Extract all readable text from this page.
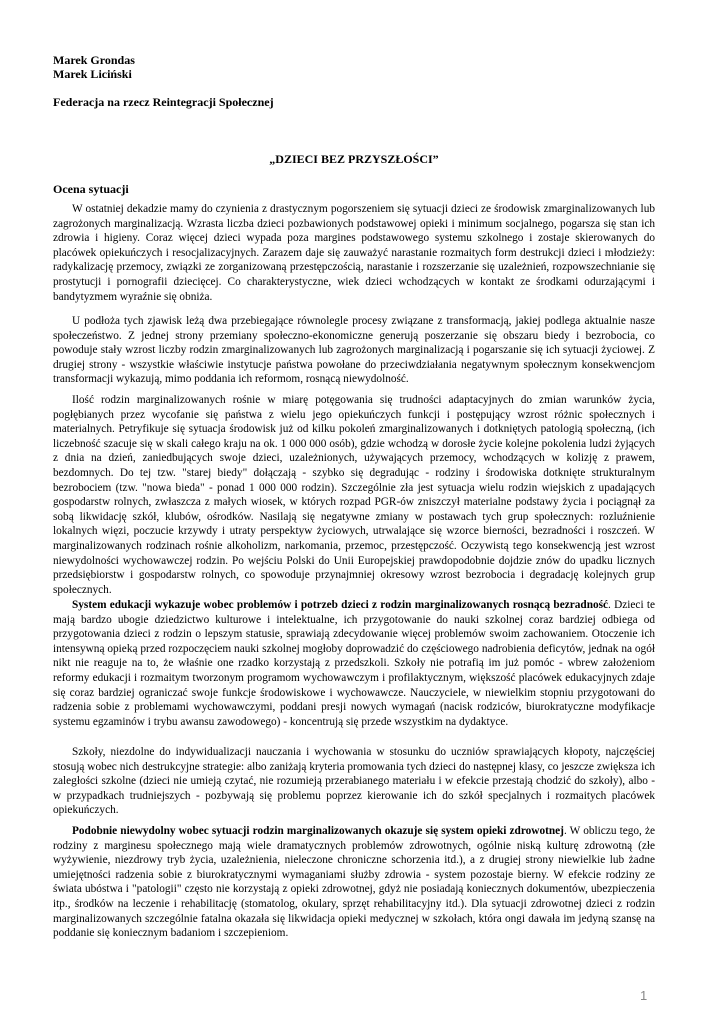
Marek Grondas
Marek Liciński
Federacja na rzecz Reintegracji Społecznej
„DZIECI BEZ PRZYSZŁOŚCI”
Ocena sytuacji
W ostatniej dekadzie mamy do czynienia z drastycznym pogorszeniem się sytuacji dzieci ze środowisk zmarginalizowanych lub zagrożonych marginalizacją. Wzrasta liczba dzieci pozbawionych podstawowej opieki i minimum socjalnego, pogarsza się stan ich zdrowia i higieny. Coraz więcej dzieci wypada poza margines podstawowego systemu szkolnego i zostaje skierowanych do placówek opiekuńczych i resocjalizacyjnych. Zarazem daje się zauważyć narastanie rozmaitych form destrukcji dzieci i młodzieży: radykalizację przemocy, związki ze zorganizowaną przestępczością, narastanie i rozszerzanie się uzależnień, rozpowszechnianie się prostytucji i pornografii dziecięcej. Co charakterystyczne, wiek dzieci wchodzących w kontakt ze środkami odurzającymi i bandytyzmem wyraźnie się obniża.
U podłoża tych zjawisk leżą dwa przebiegające równolegle procesy związane z transformacją, jakiej podlega aktualnie nasze społeczeństwo. Z jednej strony przemiany społeczno-ekonomiczne generują poszerzanie się obszaru biedy i bezrobocia, co powoduje stały wzrost liczby rodzin zmarginalizowanych lub zagrożonych marginalizacją i pogarszanie się ich sytuacji życiowej. Z drugiej strony - wszystkie właściwie instytucje państwa powołane do przeciwdziałania negatywnym społecznym konsekwencjom transformacji wykazują, mimo poddania ich reformom, rosnącą niewydolność.
Ilość rodzin marginalizowanych rośnie w miarę potęgowania się trudności adaptacyjnych do zmian warunków życia, pogłębianych przez wycofanie się państwa z wielu jego opiekuńczych funkcji i postępujący wzrost różnic społecznych i materialnych. Petryfikuje się sytuacja środowisk już od kilku pokoleń zmarginalizowanych i dotkniętych patologią społeczną, (ich liczebność szacuje się w skali całego kraju na ok. 1 000 000 osób), gdzie wchodzą w dorosłe życie kolejne pokolenia ludzi żyjących z dnia na dzień, zaniedbujących swoje dzieci, uzależnionych, używających przemocy, wchodzących w kolizję z prawem, bezdomnych. Do tej tzw. "starej biedy" dołączają - szybko się degradując - rodziny i środowiska dotknięte strukturalnym bezrobociem (tzw. "nowa bieda" - ponad 1 000 000 rodzin). Szczególnie zła jest sytuacja wielu rodzin wiejskich z upadających gospodarstw rolnych, zwłaszcza z małych wiosek, w których rozpad PGR-ów zniszczył materialne podstawy życia i pociągnął za sobą likwidację szkół, klubów, ośrodków. Nasilają się negatywne zmiany w postawach tych grup społecznych: rozluźnienie lokalnych więzi, poczucie krzywdy i utraty perspektyw życiowych, utrwalające się wzorce bierności, bezradności i roszczeń. W marginalizowanych rodzinach rośnie alkoholizm, narkomania, przemoc, przestępczość. Oczywistą tego konsekwencją jest wzrost niewydolności wychowawczej rodzin. Po wejściu Polski do Unii Europejskiej prawdopodobnie dojdzie znów do upadku licznych przedsiębiorstw i gospodarstw rolnych, co spowoduje przynajmniej okresowy wzrost bezrobocia i degradację kolejnych grup społecznych.
System edukacji wykazuje wobec problemów i potrzeb dzieci z rodzin marginalizowanych rosnącą bezradność. Dzieci te mają bardzo ubogie dziedzictwo kulturowe i intelektualne, ich przygotowanie do nauki szkolnej coraz bardziej odbiega od przygotowania dzieci z rodzin o lepszym statusie, sprawiają zdecydowanie więcej problemów swoim zachowaniem. Otoczenie ich intensywną opieką przed rozpoczęciem nauki szkolnej mogłoby doprowadzić do częściowego nadrobienia deficytów, jednak na ogół nikt nie reaguje na to, że właśnie one rzadko korzystają z przedszkoli. Szkoły nie potrafią im już pomóc - wbrew założeniom reformy edukacji i rozmaitym tworzonym programom wychowawczym i profilaktycznym, większość placówek edukacyjnych zdaje się coraz bardziej ograniczać swoje funkcje środowiskowe i wychowawcze. Nauczyciele, w niewielkim stopniu przygotowani do radzenia sobie z problemami wychowawczymi, poddani presji nowych wymagań (nacisk rodziców, biurokratyczne modyfikacje systemu egzaminów i trybu awansu zawodowego) - koncentrują się przede wszystkim na dydaktyce.
Szkoły, niezdolne do indywidualizacji nauczania i wychowania w stosunku do uczniów sprawiających kłopoty, najczęściej stosują wobec nich destrukcyjne strategie: albo zaniżają kryteria promowania tych dzieci do następnej klasy, co jeszcze zwiększa ich zaległości szkolne (dzieci nie umieją czytać, nie rozumieją przerabianego materiału i w efekcie przestają chodzić do szkoły), albo - w przypadkach trudniejszych - pozbywają się problemu poprzez kierowanie ich do szkół specjalnych i rozmaitych placówek opiekuńczych.
Podobnie niewydolny wobec sytuacji rodzin marginalizowanych okazuje się system opieki zdrowotnej. W obliczu tego, że rodziny z marginesu społecznego mają wiele dramatycznych problemów zdrowotnych, ogólnie niską kulturę zdrowotną (złe wyżywienie, niezdrowy tryb życia, uzależnienia, nieleczone chroniczne schorzenia itd.), a z drugiej strony niewielkie lub żadne umiejętności radzenia sobie z biurokratycznymi wymaganiami służby zdrowia - system pozostaje bierny. W efekcie rodziny ze świata ubóstwa i "patologii" często nie korzystają z opieki zdrowotnej, gdyż nie posiadają koniecznych dokumentów, ubezpieczenia itp., środków na leczenie i rehabilitację (stomatolog, okulary, sprzęt rehabilitacyjny itd.). Dla sytuacji zdrowotnej dzieci z rodzin marginalizowanych szczególnie fatalna okazała się likwidacja opieki medycznej w szkołach, która ongi dawała im jedyną szansę na poddanie się koniecznym badaniom i szczepieniom.
1
